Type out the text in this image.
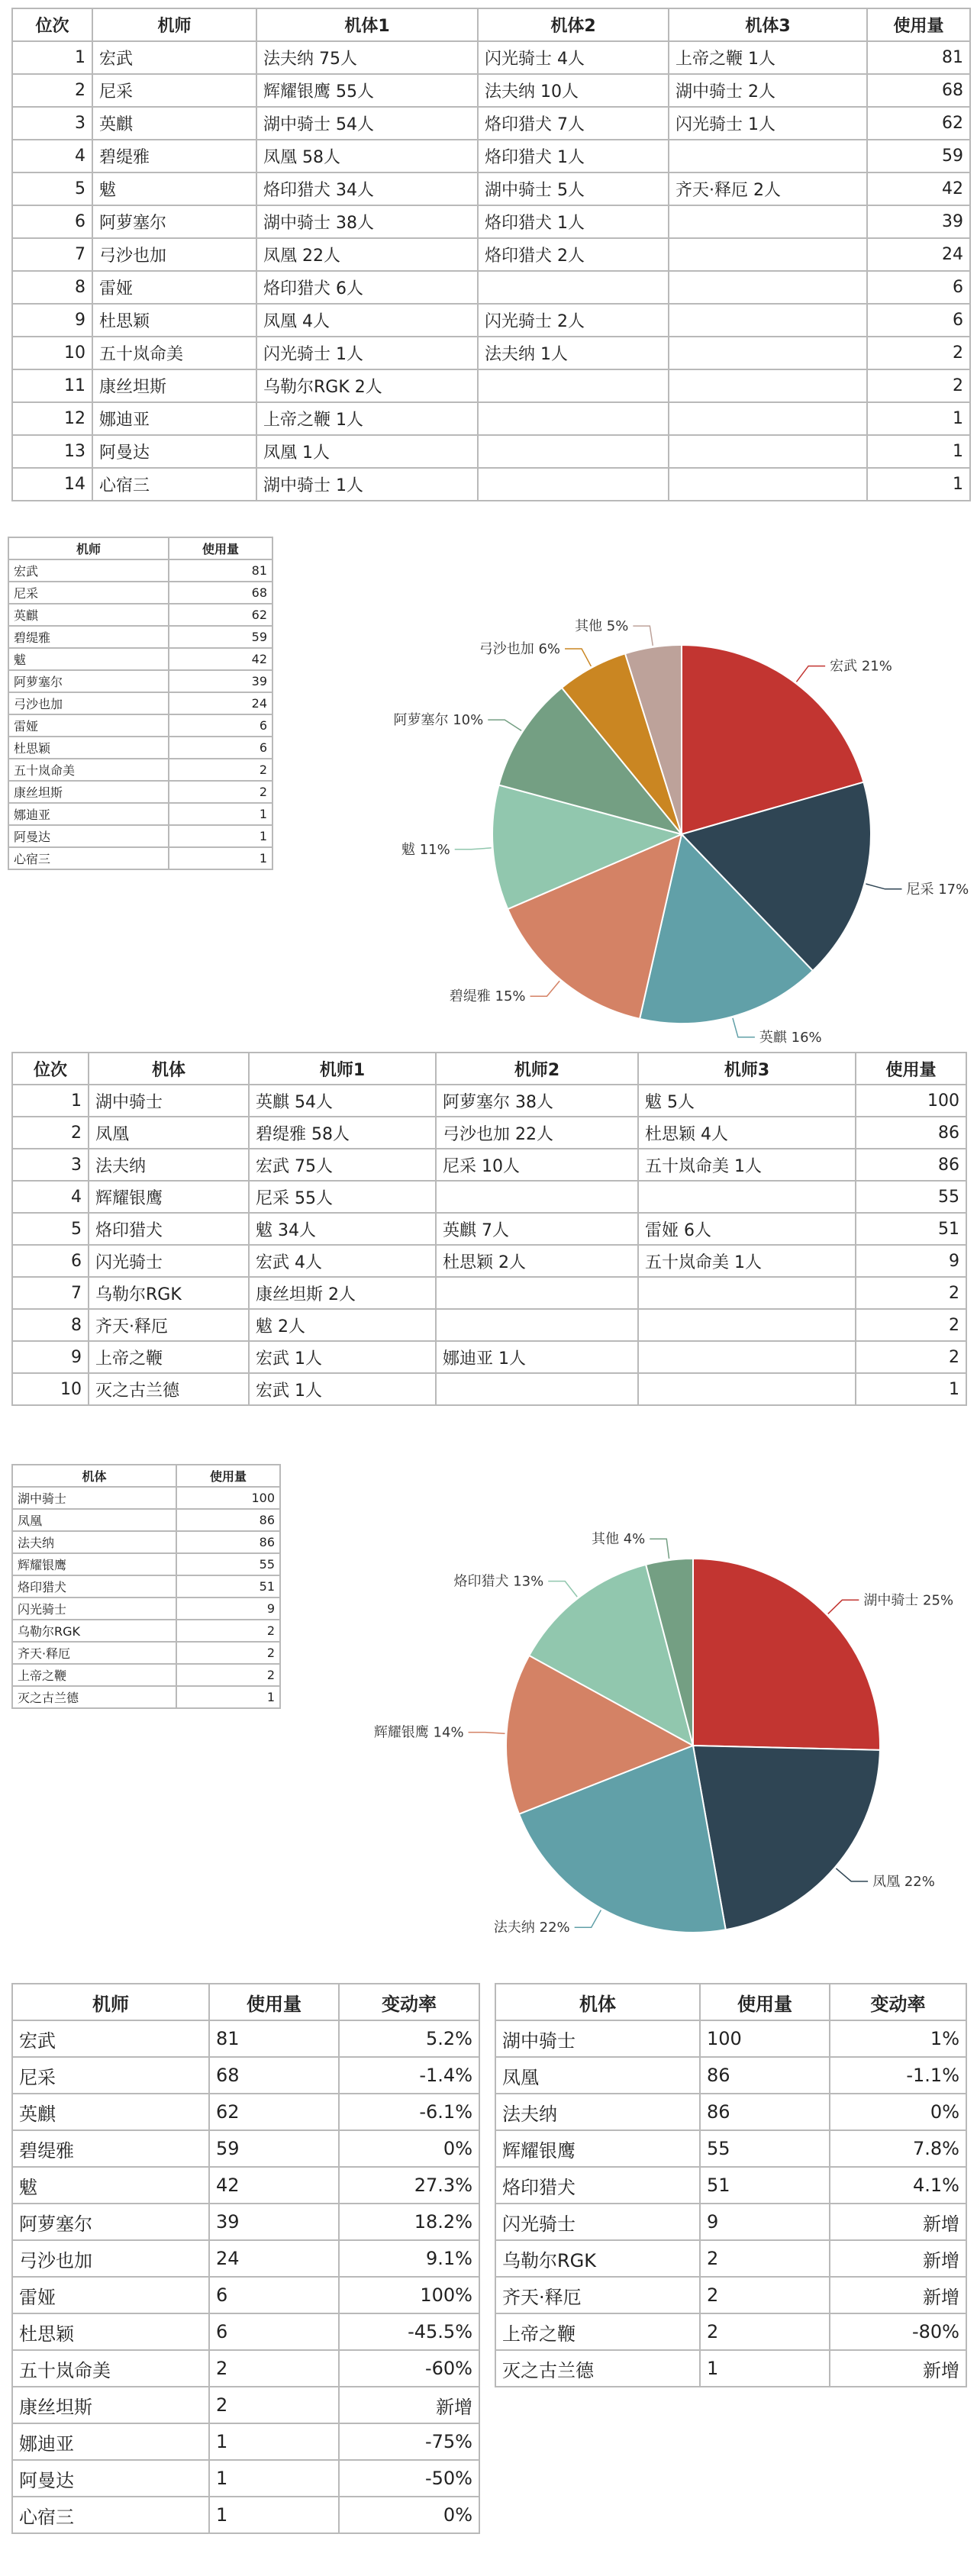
位次	机师	机体1	机体2	机体3	使用量
1	宏武	法夫纳 75人	闪光骑士 4人	上帝之鞭 1人	81
2	尼采	辉耀银鹰 55人	法夫纳 10人	湖中骑士 2人	68
3	英麒	湖中骑士 54人	烙印猎犬 7人	闪光骑士 1人	62
4	碧缇雅	凤凰 58人	烙印猎犬 1人		59
5	魃	烙印猎犬 34人	湖中骑士 5人	齐天·释厄 2人	42
6	阿萝塞尔	湖中骑士 38人	烙印猎犬 1人		39
7	弓沙也加	凤凰 22人	烙印猎犬 2人		24
8	雷娅	烙印猎犬 6人			6
9	杜思颖	凤凰 4人	闪光骑士 2人		6
10	五十岚命美	闪光骑士 1人	法夫纳 1人		2
11	康丝坦斯	乌勒尔RGK 2人			2
12	娜迪亚	上帝之鞭 1人			1
13	阿曼达	凤凰 1人			1
14	心宿三	湖中骑士 1人			1
机师	使用量
宏武	81
尼采	68
英麒	62
碧缇雅	59
魃	42
阿萝塞尔	39
弓沙也加	24
雷娅	6
杜思颖	6
五十岚命美	2
康丝坦斯	2
娜迪亚	1
阿曼达	1
心宿三	1
宏武 21%
尼采 17%
英麒 16%
碧缇雅 15%
魃 11%
阿萝塞尔 10%
弓沙也加 6%
其他 5%
位次	机体	机师1	机师2	机师3	使用量
1	湖中骑士	英麒 54人	阿萝塞尔 38人	魃 5人	100
2	凤凰	碧缇雅 58人	弓沙也加 22人	杜思颖 4人	86
3	法夫纳	宏武 75人	尼采 10人	五十岚命美 1人	86
4	辉耀银鹰	尼采 55人			55
5	烙印猎犬	魃 34人	英麒 7人	雷娅 6人	51
6	闪光骑士	宏武 4人	杜思颖 2人	五十岚命美 1人	9
7	乌勒尔RGK	康丝坦斯 2人			2
8	齐天·释厄	魃 2人			2
9	上帝之鞭	宏武 1人	娜迪亚 1人		2
10	灭之古兰德	宏武 1人			1
机体	使用量
湖中骑士	100
凤凰	86
法夫纳	86
辉耀银鹰	55
烙印猎犬	51
闪光骑士	9
乌勒尔RGK	2
齐天·释厄	2
上帝之鞭	2
灭之古兰德	1
湖中骑士 25%
凤凰 22%
法夫纳 22%
辉耀银鹰 14%
烙印猎犬 13%
其他 4%
机师	使用量	变动率
宏武	81	5.2%
尼采	68	-1.4%
英麒	62	-6.1%
碧缇雅	59	0%
魃	42	27.3%
阿萝塞尔	39	18.2%
弓沙也加	24	9.1%
雷娅	6	100%
杜思颖	6	-45.5%
五十岚命美	2	-60%
康丝坦斯	2	新增
娜迪亚	1	-75%
阿曼达	1	-50%
心宿三	1	0%
机体	使用量	变动率
湖中骑士	100	1%
凤凰	86	-1.1%
法夫纳	86	0%
辉耀银鹰	55	7.8%
烙印猎犬	51	4.1%
闪光骑士	9	新增
乌勒尔RGK	2	新增
齐天·释厄	2	新增
上帝之鞭	2	-80%
灭之古兰德	1	新增
